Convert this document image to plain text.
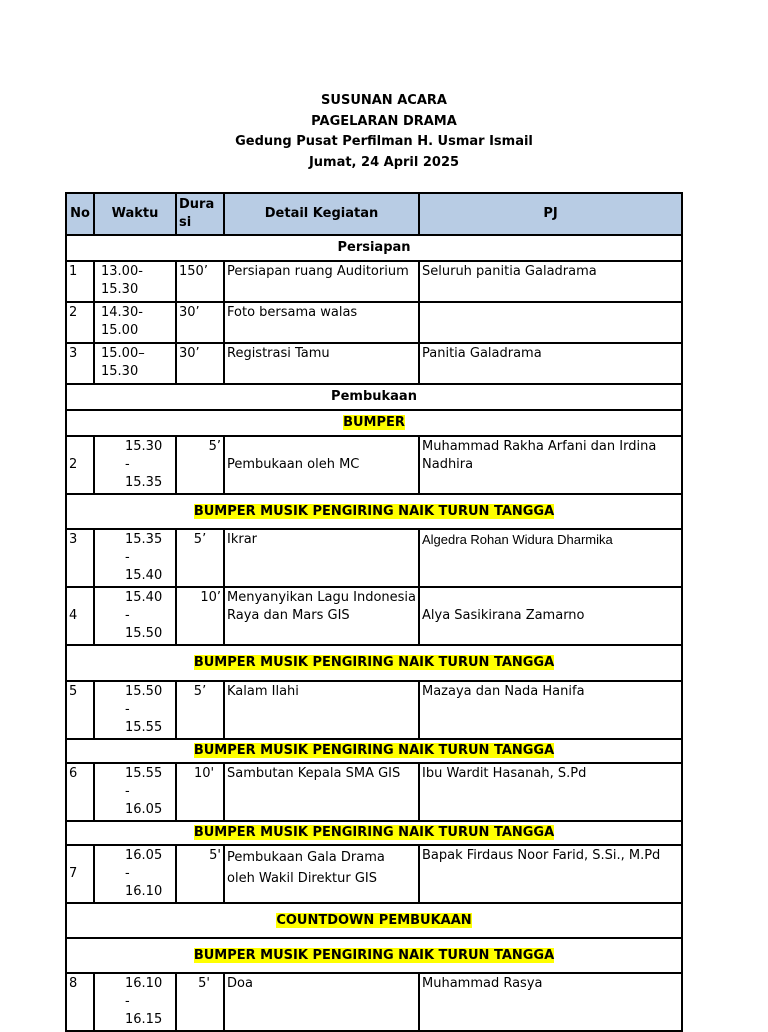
SUSUNAN ACARA
PAGELARAN DRAMA
Gedung Pusat Perfilman H. Usmar Ismail
Jumat, 24 April 2025
No	Waktu	Dura si	Detail Kegiatan	PJ
Persiapan				
1	13.00-15.30	150’	Persiapan ruang Auditorium	Seluruh panitia Galadrama
2	14.30-15.00	30’	Foto bersama walas	
3	15.00–15.30	30’	Registrasi Tamu	Panitia Galadrama
Pembukaan				
BUMPER				
2	15.30 - 15.35	5’	Pembukaan oleh MC	Muhammad Rakha Arfani dan Irdina Nadhira
BUMPER MUSIK PENGIRING NAIK TURUN TANGGA				
3	15.35 - 15.40	5’	Ikrar	Algedra Rohan Widura Dharmika
4	15.40 - 15.50	10’	Menyanyikan Lagu Indonesia Raya dan Mars GIS	Alya Sasikirana Zamarno
BUMPER MUSIK PENGIRING NAIK TURUN TANGGA				
5	15.50 - 15.55	5’	Kalam Ilahi	Mazaya dan Nada Hanifa
BUMPER MUSIK PENGIRING NAIK TURUN TANGGA				
6	15.55 - 16.05	10'	Sambutan Kepala SMA GIS	Ibu Wardit Hasanah, S.Pd
BUMPER MUSIK PENGIRING NAIK TURUN TANGGA				
7	16.05 - 16.10	5'	Pembukaan Gala Drama oleh Wakil Direktur GIS	Bapak Firdaus Noor Farid, S.Si., M.Pd
COUNTDOWN PEMBUKAAN				
BUMPER MUSIK PENGIRING NAIK TURUN TANGGA				
8	16.10 - 16.15	5'	Doa	Muhammad Rasya
